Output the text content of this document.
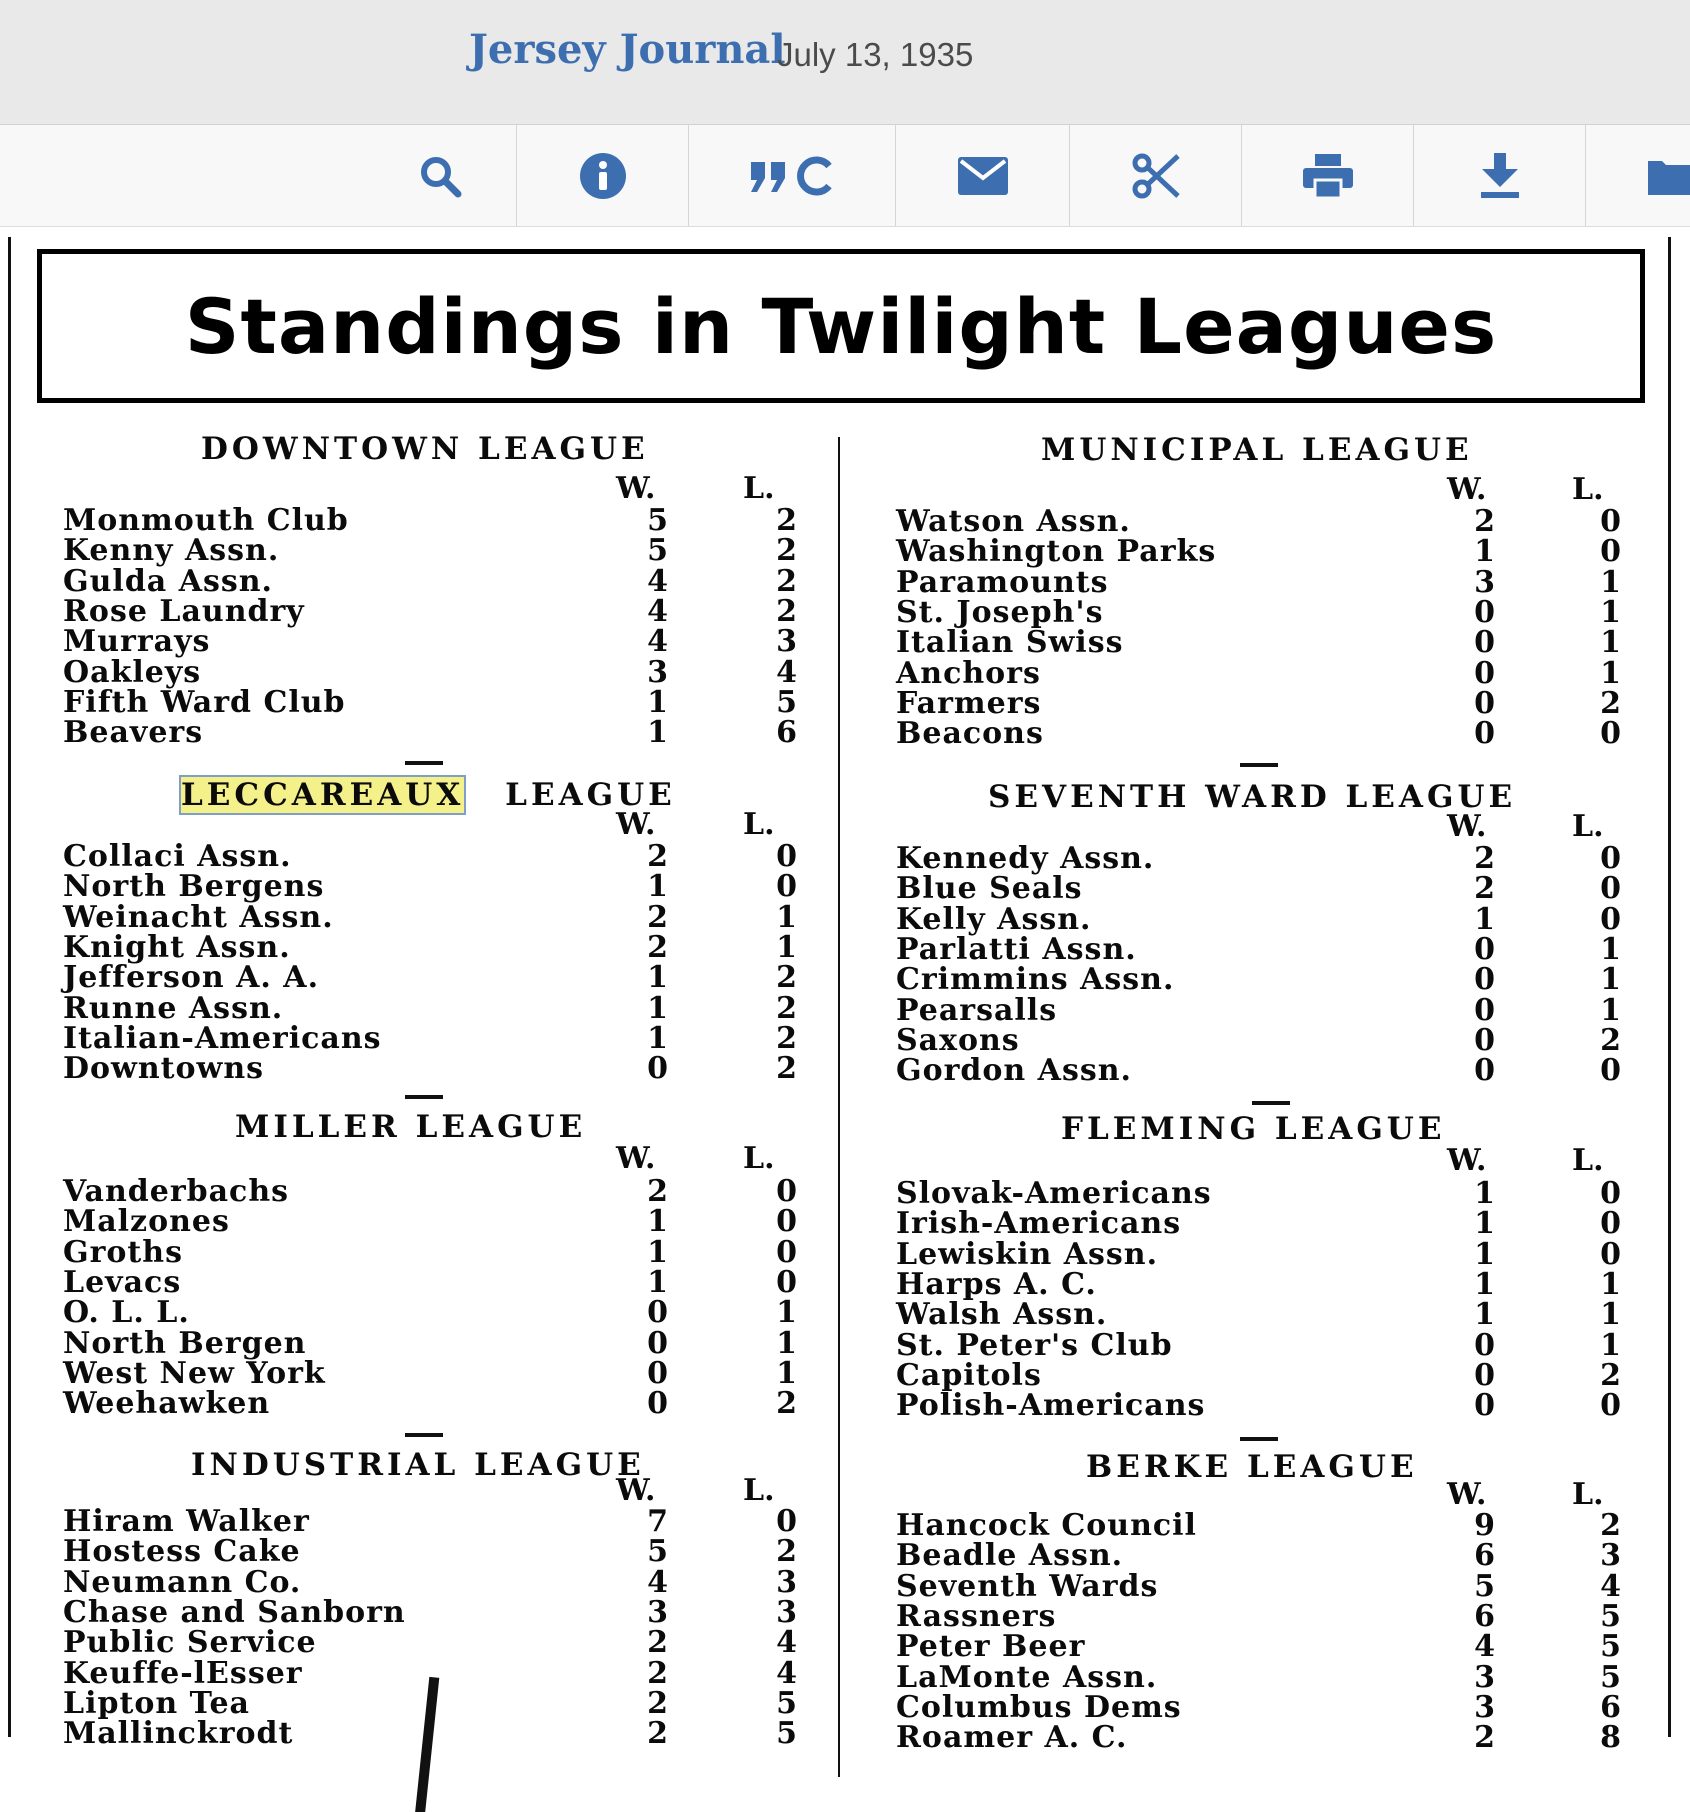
Jersey Journal
July 13, 1935
Standings in Twilight Leagues
DOWNTOWN LEAGUE
W.	L.
Monmouth Club	5	2
Kenny Assn.	5	2
Gulda Assn.	4	2
Rose Laundry	4	2
Murrays	4	3
Oakleys	3	4
Fifth Ward Club	1	5
Beavers	1	6
MUNICIPAL LEAGUE
W.	L.
Watson Assn.	2	0
Washington Parks	1	0
Paramounts	3	1
St. Joseph's	0	1
Italian Swiss	0	1
Anchors	0	1
Farmers	0	2
Beacons	0	0
LECCAREAUX LEAGUE
W.	L.
Collaci Assn.	2	0
North Bergens	1	0
Weinacht Assn.	2	1
Knight Assn.	2	1
Jefferson A. A.	1	2
Runne Assn.	1	2
Italian-Americans	1	2
Downtowns	0	2
SEVENTH WARD LEAGUE
W.	L.
Kennedy Assn.	2	0
Blue Seals	2	0
Kelly Assn.	1	0
Parlatti Assn.	0	1
Crimmins Assn.	0	1
Pearsalls	0	1
Saxons	0	2
Gordon Assn.	0	0
MILLER LEAGUE
W.	L.
Vanderbachs	2	0
Malzones	1	0
Groths	1	0
Levacs	1	0
O. L. L.	0	1
North Bergen	0	1
West New York	0	1
Weehawken	0	2
FLEMING LEAGUE
W.	L.
Slovak-Americans	1	0
Irish-Americans	1	0
Lewiskin Assn.	1	0
Harps A. C.	1	1
Walsh Assn.	1	1
St. Peter's Club	0	1
Capitols	0	2
Polish-Americans	0	0
INDUSTRIAL LEAGUE
W.	L.
Hiram Walker	7	0
Hostess Cake	5	2
Neumann Co.	4	3
Chase and Sanborn	3	3
Public Service	2	4
Keuffe-lEsser	2	4
Lipton Tea	2	5
Mallinckrodt	2	5
BERKE LEAGUE
W.	L.
Hancock Council	9	2
Beadle Assn.	6	3
Seventh Wards	5	4
Rassners	6	5
Peter Beer	4	5
LaMonte Assn.	3	5
Columbus Dems	3	6
Roamer A. C.	2	8
